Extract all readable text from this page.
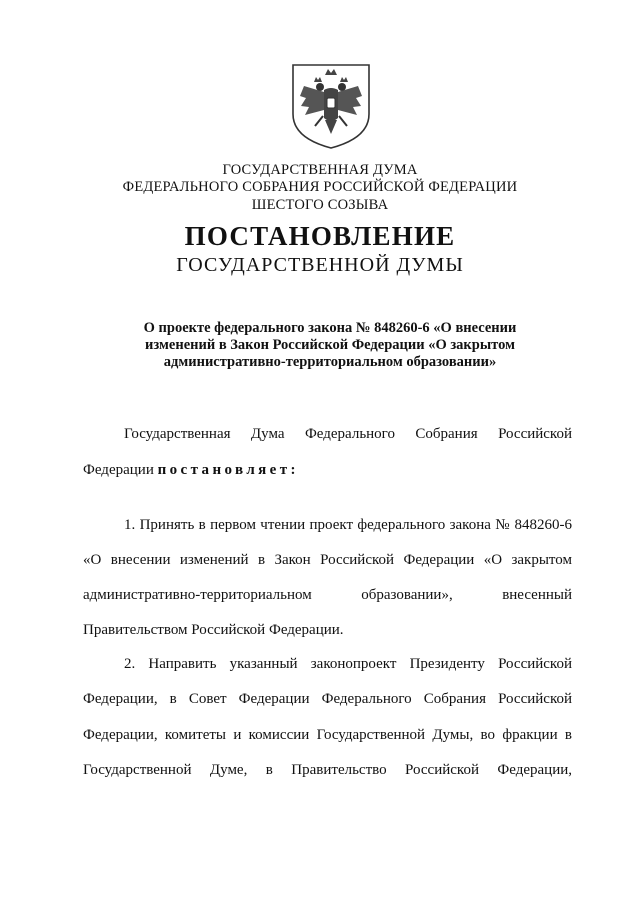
ГОСУДАРСТВЕННАЯ ДУМА
ФЕДЕРАЛЬНОГО СОБРАНИЯ РОССИЙСКОЙ ФЕДЕРАЦИИ
ШЕСТОГО СОЗЫВА
ПОСТАНОВЛЕНИЕ
ГОСУДАРСТВЕННОЙ ДУМЫ
О проекте федерального закона № 848260-6 «О внесении
изменений в Закон Российской Федерации «О закрытом
административно-территориальном образовании»
Государственная Дума Федерального Собрания Российской
Федерации постановляет:
1. Принять в первом чтении проект федерального закона № 848260-6
«О внесении изменений в Закон Российской Федерации «О закрытом
административно-территориальном образовании», внесенный
Правительством Российской Федерации.
2. Направить указанный законопроект Президенту Российской
Федерации, в Совет Федерации Федерального Собрания Российской
Федерации, комитеты и комиссии Государственной Думы, во фракции в
Государственной Думе, в Правительство Российской Федерации,
